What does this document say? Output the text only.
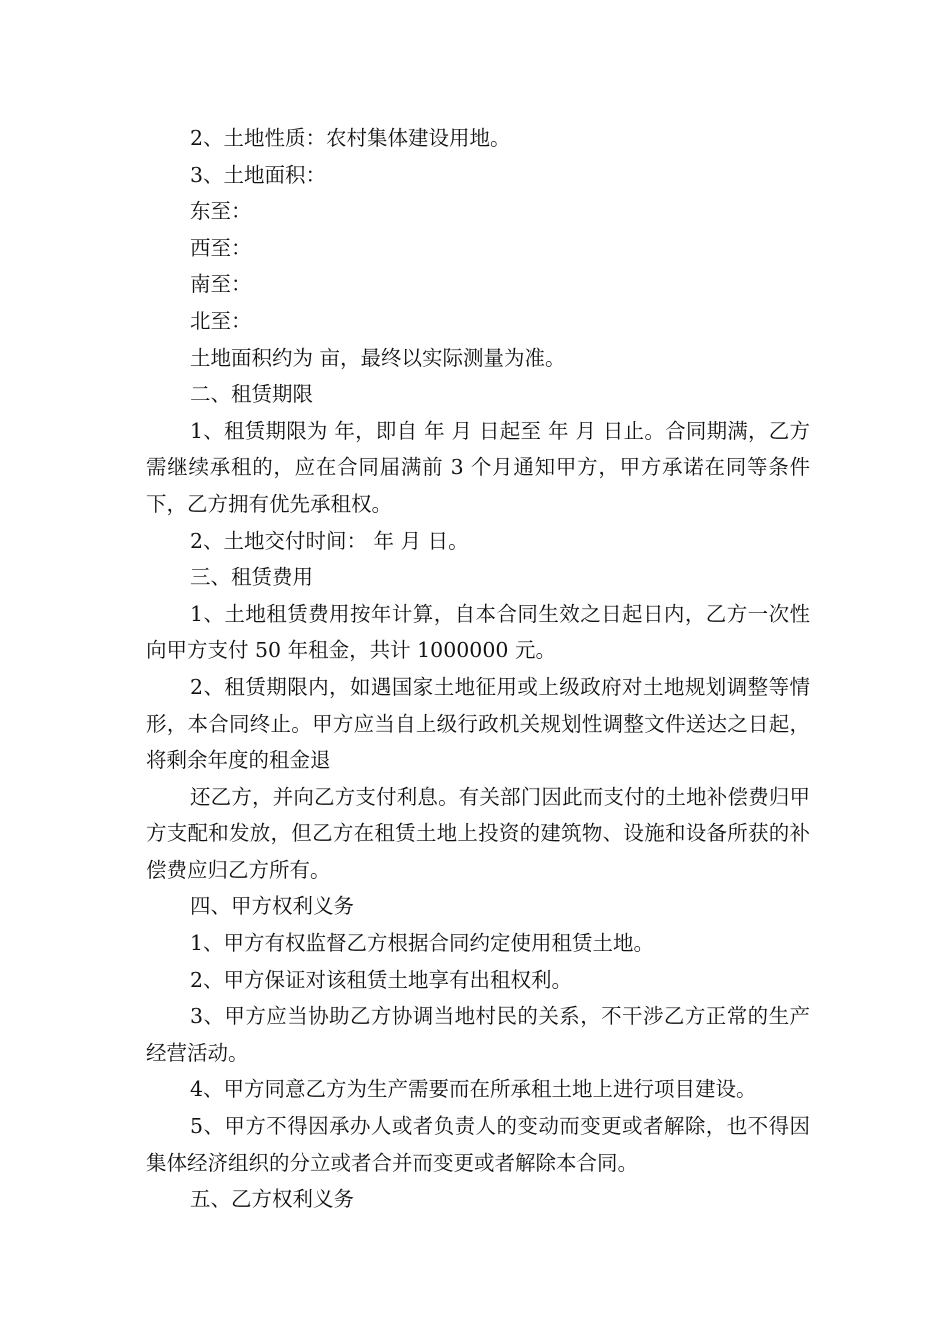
2、土地性质：农村集体建设用地。

3、土地面积：

东至：

西至：

南至：

北至：

土地面积约为 亩，最终以实际测量为准。

二、租赁期限

1、租赁期限为 年，即自 年 月 日起至 年 月 日止。合同期满，乙方需继续承租的，应在合同届满前 3 个月通知甲方，甲方承诺在同等条件下，乙方拥有优先承租权。

2、土地交付时间： 年 月 日。

三、租赁费用

1、土地租赁费用按年计算，自本合同生效之日起日内，乙方一次性向甲方支付 50 年租金，共计 1000000 元。

2、租赁期限内，如遇国家土地征用或上级政府对土地规划调整等情形，本合同终止。甲方应当自上级行政机关规划性调整文件送达之日起，将剩余年度的租金退

还乙方，并向乙方支付利息。有关部门因此而支付的土地补偿费归甲方支配和发放，但乙方在租赁土地上投资的建筑物、设施和设备所获的补偿费应归乙方所有。

四、甲方权利义务

1、甲方有权监督乙方根据合同约定使用租赁土地。

2、甲方保证对该租赁土地享有出租权利。

3、甲方应当协助乙方协调当地村民的关系，不干涉乙方正常的生产经营活动。

4、甲方同意乙方为生产需要而在所承租土地上进行项目建设。

5、甲方不得因承办人或者负责人的变动而变更或者解除，也不得因集体经济组织的分立或者合并而变更或者解除本合同。

五、乙方权利义务
